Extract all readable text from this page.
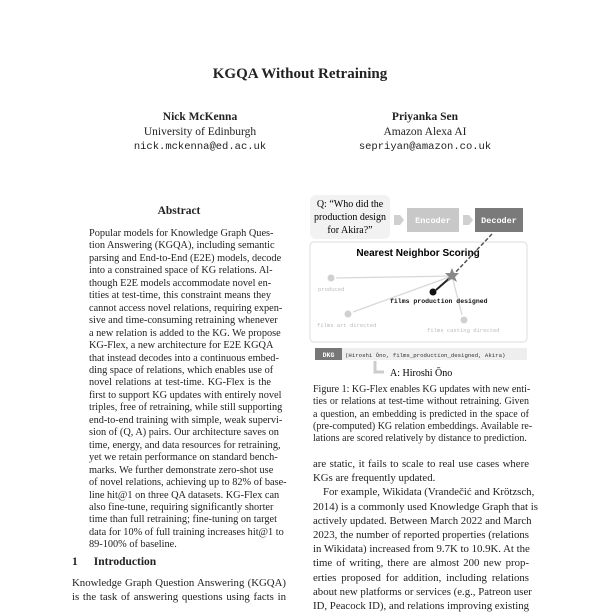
KGQA Without Retraining
Nick McKenna
University of Edinburgh
nick.mckenna@ed.ac.uk
Priyanka Sen
Amazon Alexa AI
sepriyan@amazon.co.uk
Abstract
Popular models for Knowledge Graph Ques-
tion Answering (KGQA), including semantic
parsing and End-to-End (E2E) models, decode
into a constrained space of KG relations. Al-
though E2E models accommodate novel en-
tities at test-time, this constraint means they
cannot access novel relations, requiring expen-
sive and time-consuming retraining whenever
a new relation is added to the KG. We propose
KG-Flex, a new architecture for E2E KGQA
that instead decodes into a continuous embed-
ding space of relations, which enables use of
novel relations at test-time. KG-Flex is the
first to support KG updates with entirely novel
triples, free of retraining, while still supporting
end-to-end training with simple, weak supervi-
sion of (Q, A) pairs. Our architecture saves on
time, energy, and data resources for retraining,
yet we retain performance on standard bench-
marks. We further demonstrate zero-shot use
of novel relations, achieving up to 82% of base-
line hit@1 on three QA datasets. KG-Flex can
also fine-tune, requiring significantly shorter
time than full retraining; fine-tuning on target
data for 10% of full training increases hit@1 to
89-100% of baseline.
1 Introduction
Knowledge Graph Question Answering (KGQA)
is the task of answering questions using facts in
Q: “Who did the
production design
for Akira?”
Encoder	Decoder
Nearest Neighbor Scoring
produced
films production designed
films art directed
films casting directed
DKG (Hiroshi Ōno, films_production_designed, Akira)
A: Hiroshi Ōno
Figure 1: KG-Flex enables KG updates with new enti-
ties or relations at test-time without retraining. Given
a question, an embedding is predicted in the space of
(pre-computed) KG relation embeddings. Available re-
lations are scored relatively by distance to prediction.
are static, it fails to scale to real use cases where
KGs are frequently updated.
For example, Wikidata (Vrandečić and Krötzsch,
2014) is a commonly used Knowledge Graph that is
actively updated. Between March 2022 and March
2023, the number of reported properties (relations
in Wikidata) increased from 9.7K to 10.9K. At the
time of writing, there are almost 200 new prop-
erties proposed for addition, including relations
about new platforms or services (e.g., Patreon user
ID, Peacock ID), and relations improving existing
